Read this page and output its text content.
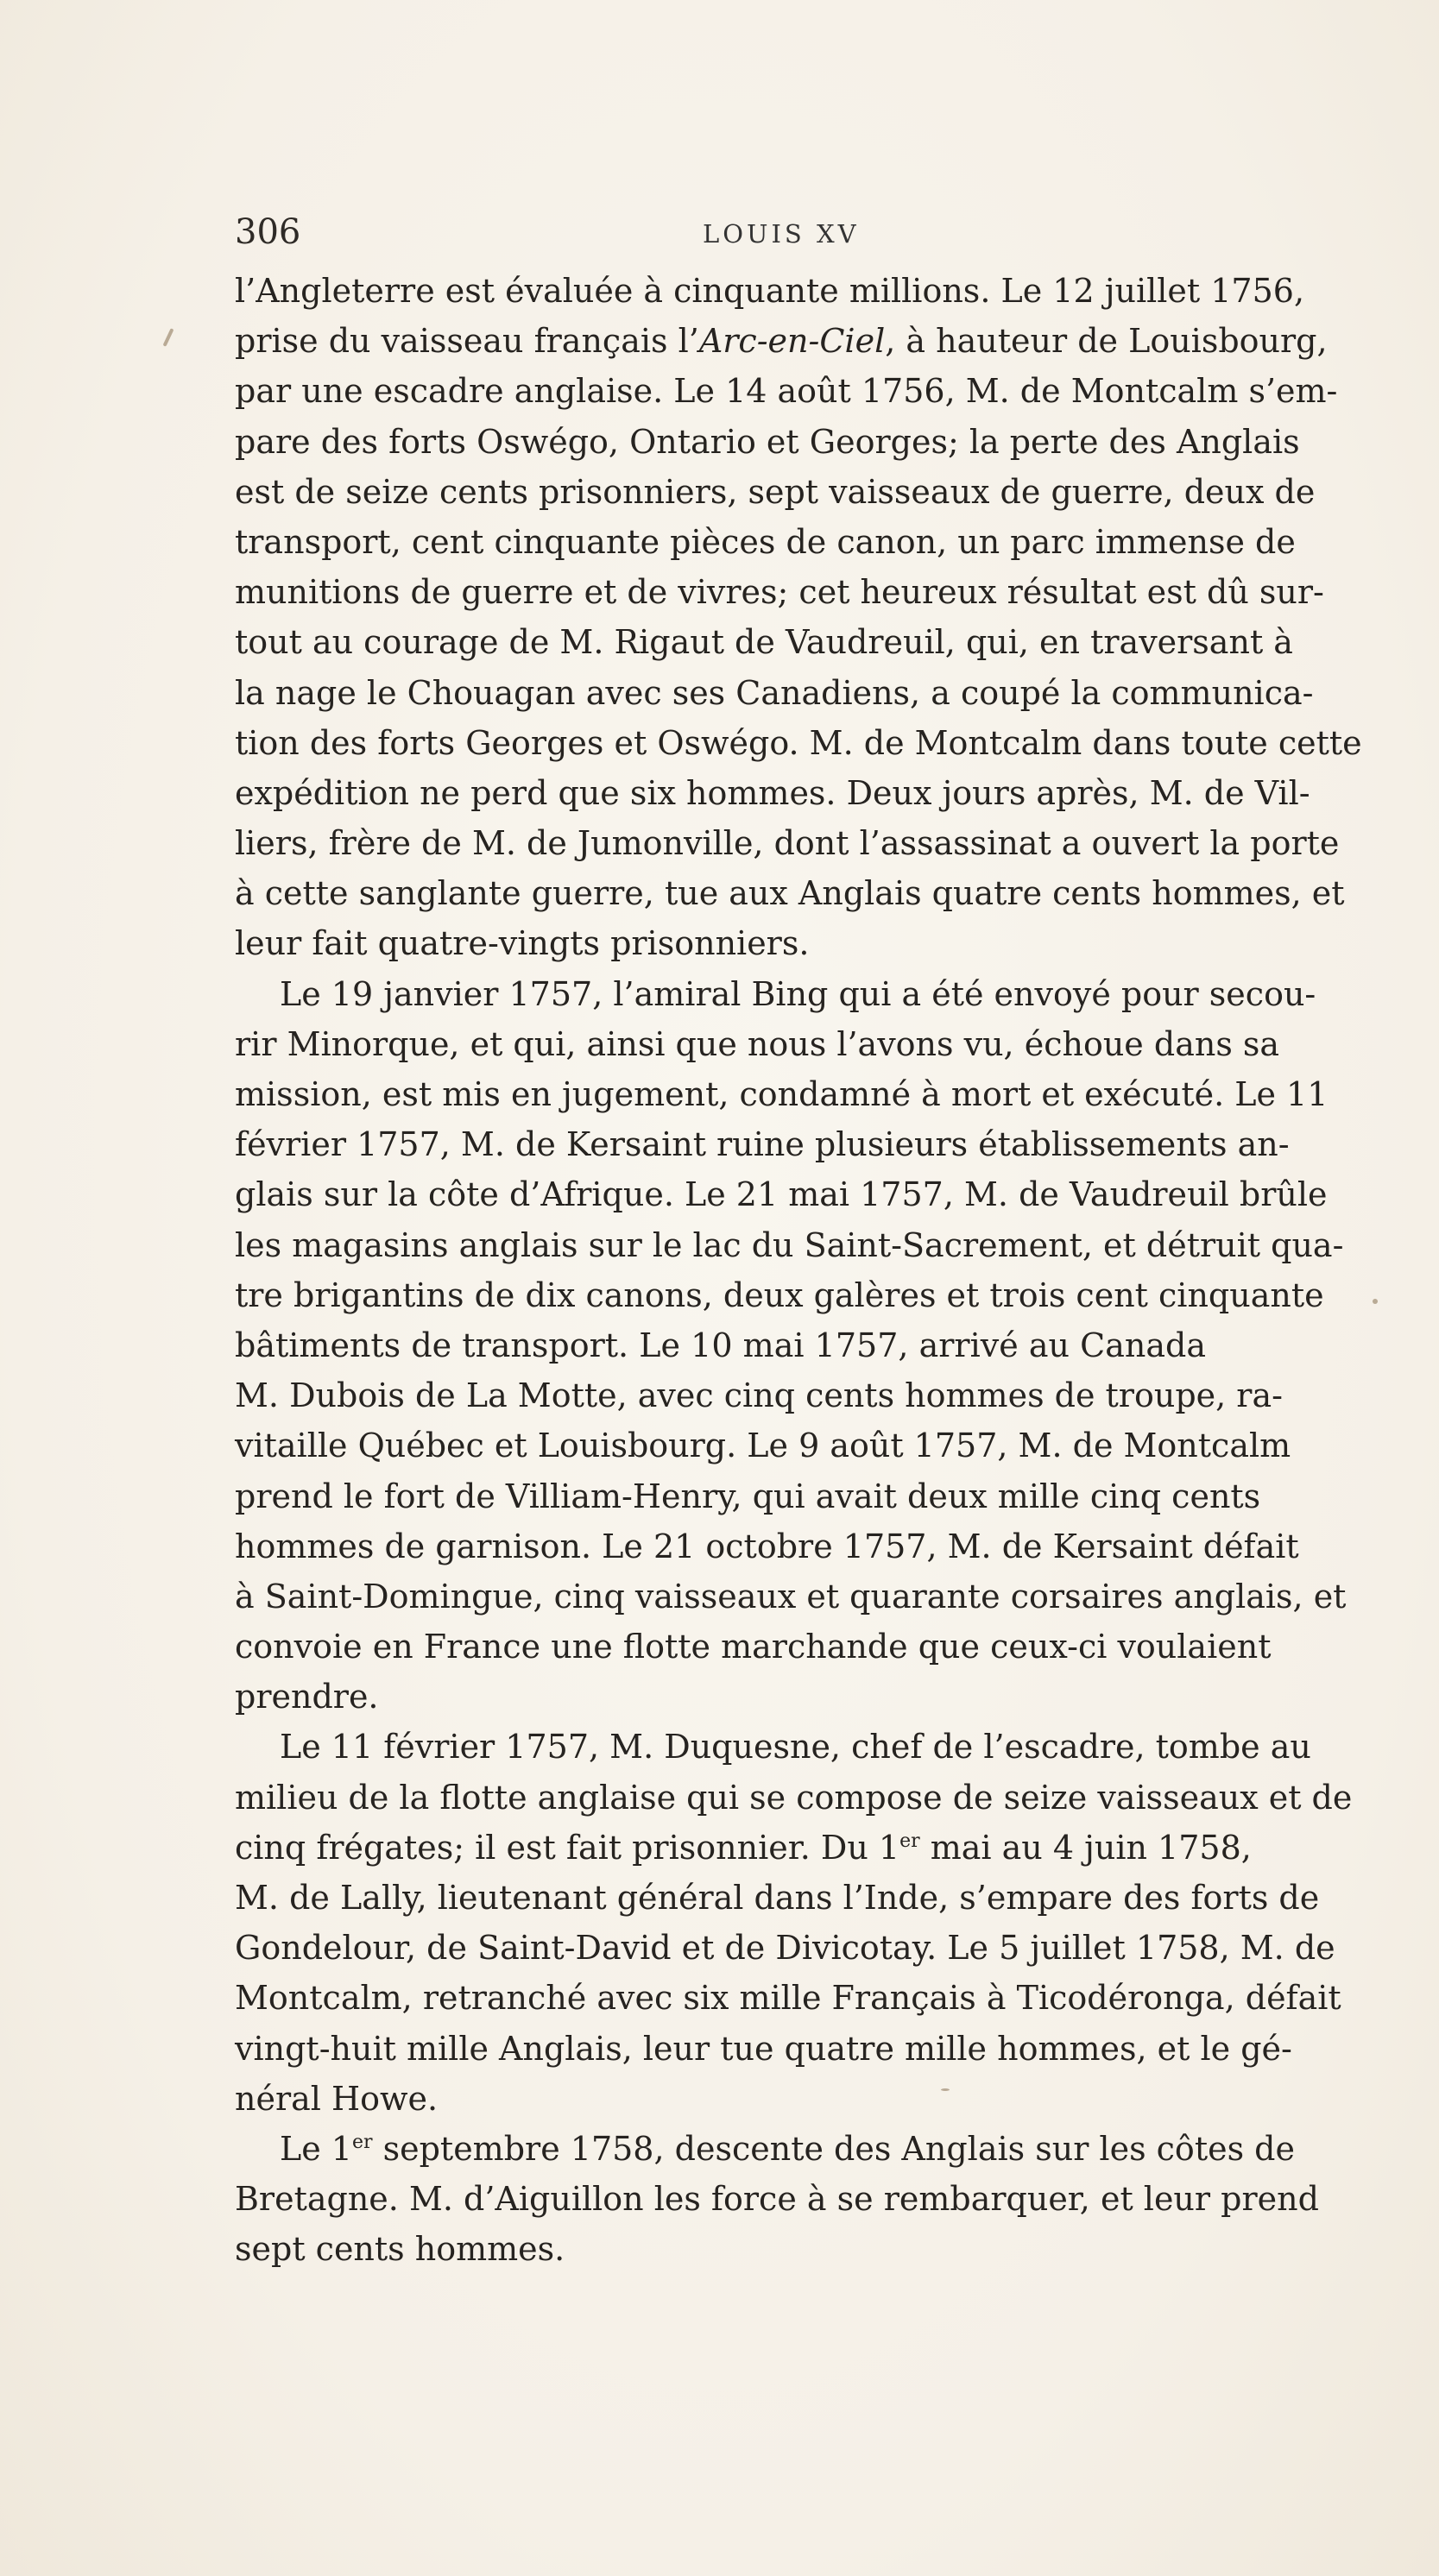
306	LOUIS XV
l’Angleterre est évaluée à cinquante millions. Le 12 juillet 1756,
prise du vaisseau français l’Arc-en-Ciel, à hauteur de Louisbourg,
par une escadre anglaise. Le 14 août 1756, M. de Montcalm s’em-
pare des forts Oswégo, Ontario et Georges; la perte des Anglais
est de seize cents prisonniers, sept vaisseaux de guerre, deux de
transport, cent cinquante pièces de canon, un parc immense de
munitions de guerre et de vivres; cet heureux résultat est dû sur-
tout au courage de M. Rigaut de Vaudreuil, qui, en traversant à
la nage le Chouagan avec ses Canadiens, a coupé la communica-
tion des forts Georges et Oswégo. M. de Montcalm dans toute cette
expédition ne perd que six hommes. Deux jours après, M. de Vil-
liers, frère de M. de Jumonville, dont l’assassinat a ouvert la porte
à cette sanglante guerre, tue aux Anglais quatre cents hommes, et
leur fait quatre-vingts prisonniers.
Le 19 janvier 1757, l’amiral Bing qui a été envoyé pour secou-
rir Minorque, et qui, ainsi que nous l’avons vu, échoue dans sa
mission, est mis en jugement, condamné à mort et exécuté. Le 11
février 1757, M. de Kersaint ruine plusieurs établissements an-
glais sur la côte d’Afrique. Le 21 mai 1757, M. de Vaudreuil brûle
les magasins anglais sur le lac du Saint-Sacrement, et détruit qua-
tre brigantins de dix canons, deux galères et trois cent cinquante
bâtiments de transport. Le 10 mai 1757, arrivé au Canada
M. Dubois de La Motte, avec cinq cents hommes de troupe, ra-
vitaille Québec et Louisbourg. Le 9 août 1757, M. de Montcalm
prend le fort de Villiam-Henry, qui avait deux mille cinq cents
hommes de garnison. Le 21 octobre 1757, M. de Kersaint défait
à Saint-Domingue, cinq vaisseaux et quarante corsaires anglais, et
convoie en France une flotte marchande que ceux-ci voulaient
prendre.
Le 11 février 1757, M. Duquesne, chef de l’escadre, tombe au
milieu de la flotte anglaise qui se compose de seize vaisseaux et de
cinq frégates; il est fait prisonnier. Du 1er mai au 4 juin 1758,
M. de Lally, lieutenant général dans l’Inde, s’empare des forts de
Gondelour, de Saint-David et de Divicotay. Le 5 juillet 1758, M. de
Montcalm, retranché avec six mille Français à Ticodéronga, défait
vingt-huit mille Anglais, leur tue quatre mille hommes, et le gé-
néral Howe.
Le 1er septembre 1758, descente des Anglais sur les côtes de
Bretagne. M. d’Aiguillon les force à se rembarquer, et leur prend
sept cents hommes.
